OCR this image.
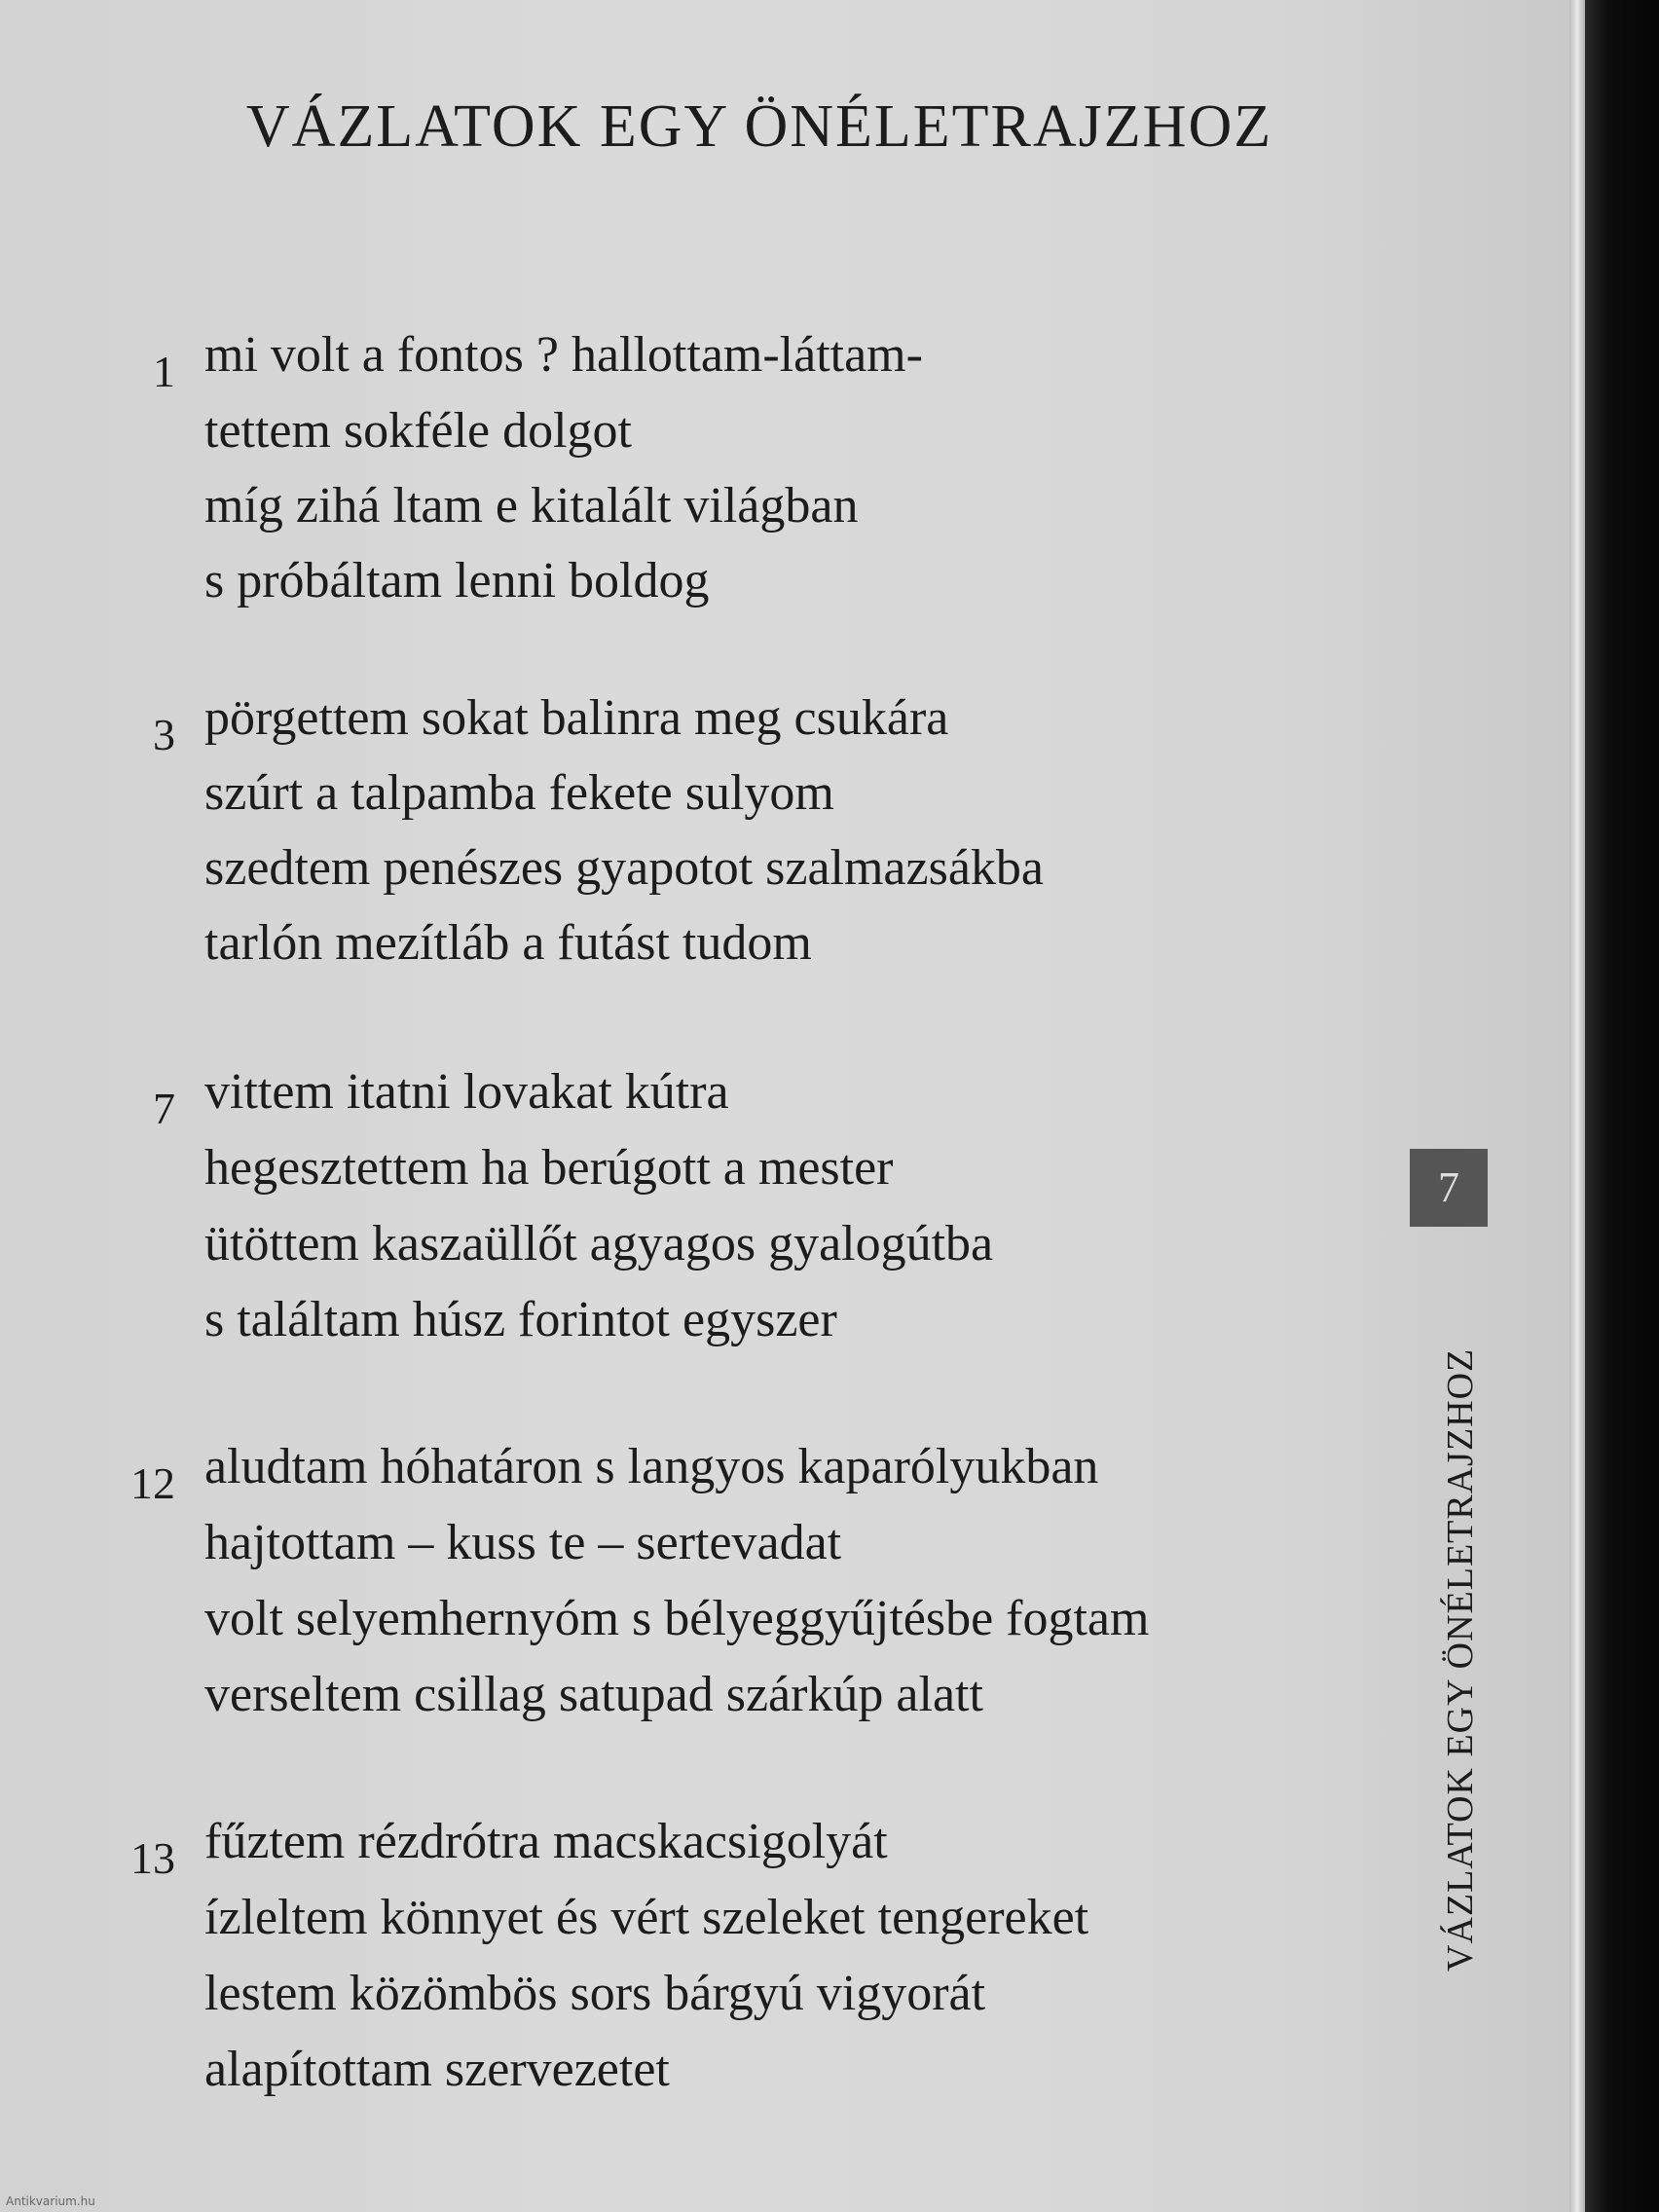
VÁZLATOK EGY ÖNÉLETRAJZHOZ
1 mi volt a fontos ? hallottam-láttam-
tettem sokféle dolgot
míg zihá ltam e kitalált világban
s próbáltam lenni boldog
3 pörgettem sokat balinra meg csukára
szúrt a talpamba fekete sulyom
szedtem penészes gyapotot szalmazsákba
tarlón mezítláb a futást tudom
7 vittem itatni lovakat kútra
hegesztettem ha berúgott a mester
ütöttem kaszaüllőt agyagos gyalogútba
s találtam húsz forintot egyszer
12 aludtam hóhatáron s langyos kaparólyukban
hajtottam – kuss te – sertevadat
volt selyemhernyóm s bélyeggyűjtésbe fogtam
verseltem csillag satupad szárkúp alatt
13 fűztem rézdrótra macskacsigolyát
ízleltem könnyet és vért szeleket tengereket
lestem közömbös sors bárgyú vigyorát
alapítottam szervezetet
7
VÁZLATOK EGY ÖNÉLETRAJZHOZ
Antikvarium.hu
